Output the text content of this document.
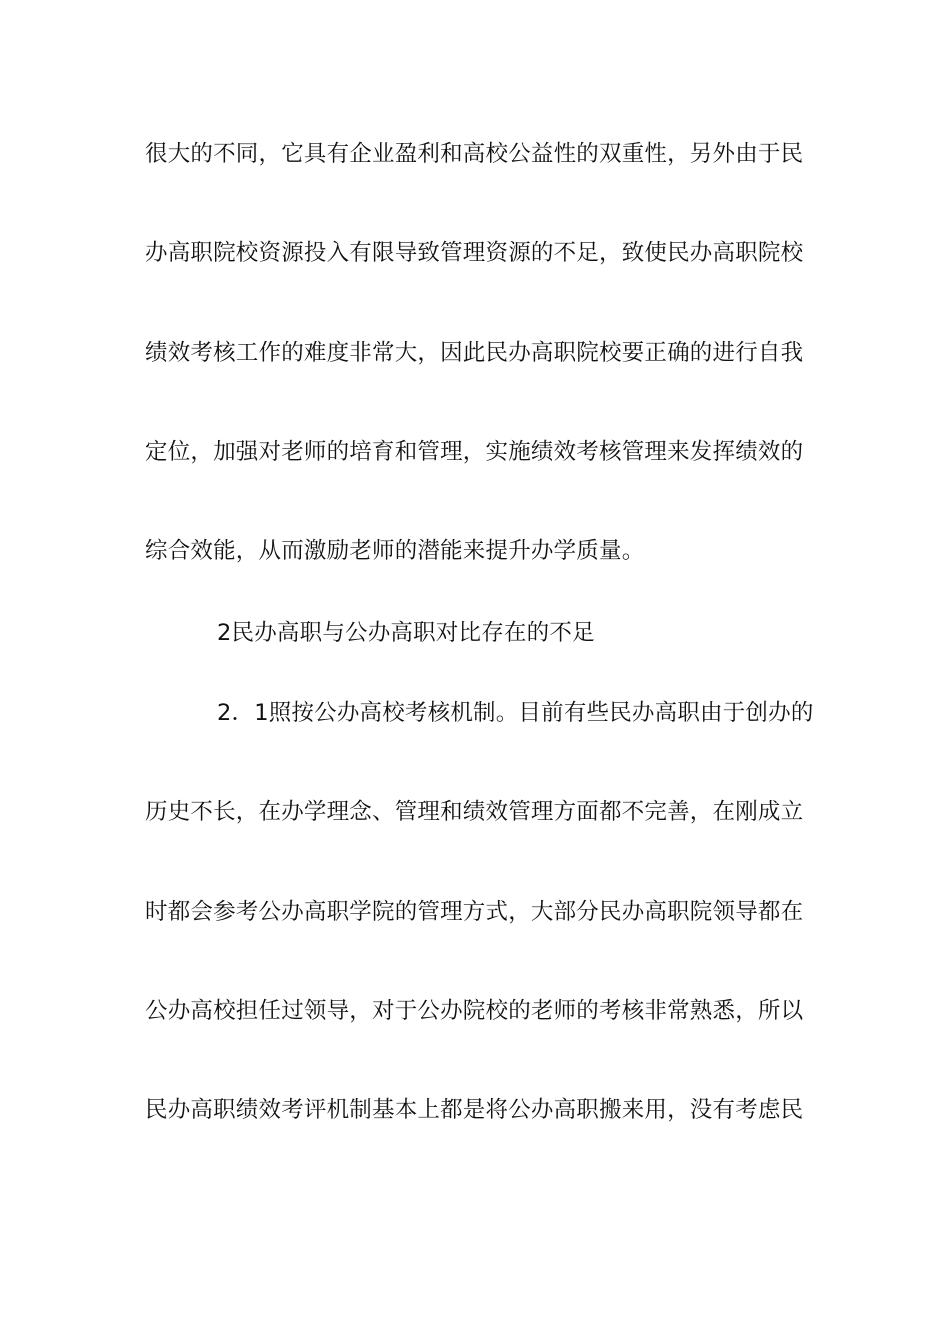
很大的不同，它具有企业盈利和高校公益性的双重性，另外由于民
办高职院校资源投入有限导致管理资源的不足，致使民办高职院校
绩效考核工作的难度非常大，因此民办高职院校要正确的进行自我
定位，加强对老师的培育和管理，实施绩效考核管理来发挥绩效的
综合效能，从而激励老师的潜能来提升办学质量。
2民办高职与公办高职对比存在的不足
2．1照按公办高校考核机制。目前有些民办高职由于创办的
历史不长，在办学理念、管理和绩效管理方面都不完善，在刚成立
时都会参考公办高职学院的管理方式，大部分民办高职院领导都在
公办高校担任过领导，对于公办院校的老师的考核非常熟悉，所以
民办高职绩效考评机制基本上都是将公办高职搬来用，没有考虑民
